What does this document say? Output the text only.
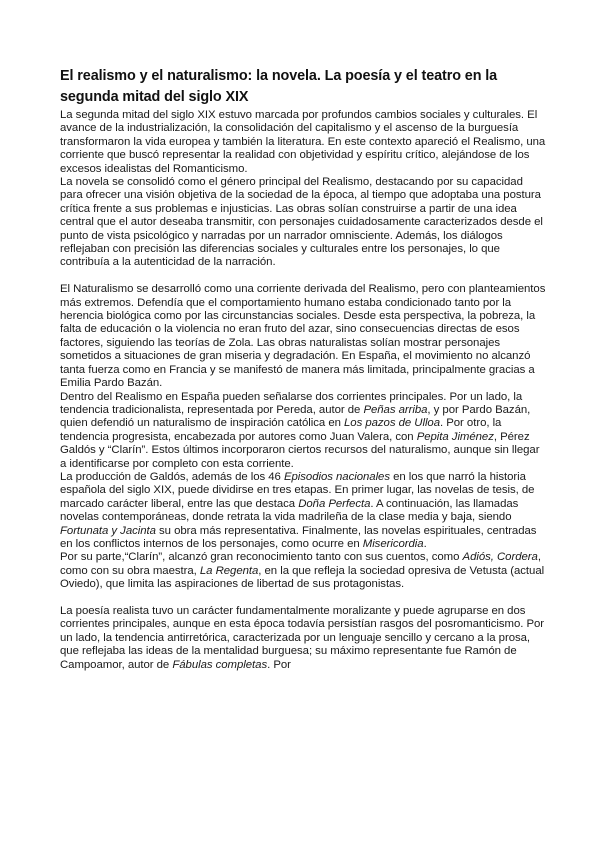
El realismo y el naturalismo: la novela. La poesía y el teatro en la segunda mitad del siglo XIX

La segunda mitad del siglo XIX estuvo marcada por profundos cambios sociales y culturales. El avance de la industrialización, la consolidación del capitalismo y el ascenso de la burguesía transformaron la vida europea y también la literatura. En este contexto apareció el Realismo, una corriente que buscó representar la realidad con objetividad y espíritu crítico, alejándose de los excesos idealistas del Romanticismo.

La novela se consolidó como el género principal del Realismo, destacando por su capacidad para ofrecer una visión objetiva de la sociedad de la época, al tiempo que adoptaba una postura crítica frente a sus problemas e injusticias. Las obras solían construirse a partir de una idea central que el autor deseaba transmitir, con personajes cuidadosamente caracterizados desde el punto de vista psicológico y narradas por un narrador omnisciente. Además, los diálogos reflejaban con precisión las diferencias sociales y culturales entre los personajes, lo que contribuía a la autenticidad de la narración.

El Naturalismo se desarrolló como una corriente derivada del Realismo, pero con planteamientos más extremos. Defendía que el comportamiento humano estaba condicionado tanto por la herencia biológica como por las circunstancias sociales. Desde esta perspectiva, la pobreza, la falta de educación o la violencia no eran fruto del azar, sino consecuencias directas de esos factores, siguiendo las teorías de Zola. Las obras naturalistas solían mostrar personajes sometidos a situaciones de gran miseria y degradación. En España, el movimiento no alcanzó tanta fuerza como en Francia y se manifestó de manera más limitada, principalmente gracias a Emilia Pardo Bazán.

Dentro del Realismo en España pueden señalarse dos corrientes principales. Por un lado, la tendencia tradicionalista, representada por Pereda, autor de Peñas arriba, y por Pardo Bazán, quien defendió un naturalismo de inspiración católica en Los pazos de Ulloa. Por otro, la tendencia progresista, encabezada por autores como Juan Valera, con Pepita Jiménez, Pérez Galdós y “Clarín”. Estos últimos incorporaron ciertos recursos del naturalismo, aunque sin llegar a identificarse por completo con esta corriente.

La producción de Galdós, además de los 46 Episodios nacionales en los que narró la historia española del siglo XIX, puede dividirse en tres etapas. En primer lugar, las novelas de tesis, de marcado carácter liberal, entre las que destaca Doña Perfecta. A continuación, las llamadas novelas contemporáneas, donde retrata la vida madrileña de la clase media y baja, siendo Fortunata y Jacinta su obra más representativa. Finalmente, las novelas espirituales, centradas en los conflictos internos de los personajes, como ocurre en Misericordia.

Por su parte,“Clarín”, alcanzó gran reconocimiento tanto con sus cuentos, como Adiós, Cordera, como con su obra maestra, La Regenta, en la que refleja la sociedad opresiva de Vetusta (actual Oviedo), que limita las aspiraciones de libertad de sus protagonistas.

La poesía realista tuvo un carácter fundamentalmente moralizante y puede agruparse en dos corrientes principales, aunque en esta época todavía persistían rasgos del posromanticismo. Por un lado, la tendencia antirretórica, caracterizada por un lenguaje sencillo y cercano a la prosa, que reflejaba las ideas de la mentalidad burguesa; su máximo representante fue Ramón de Campoamor, autor de Fábulas completas. Por
